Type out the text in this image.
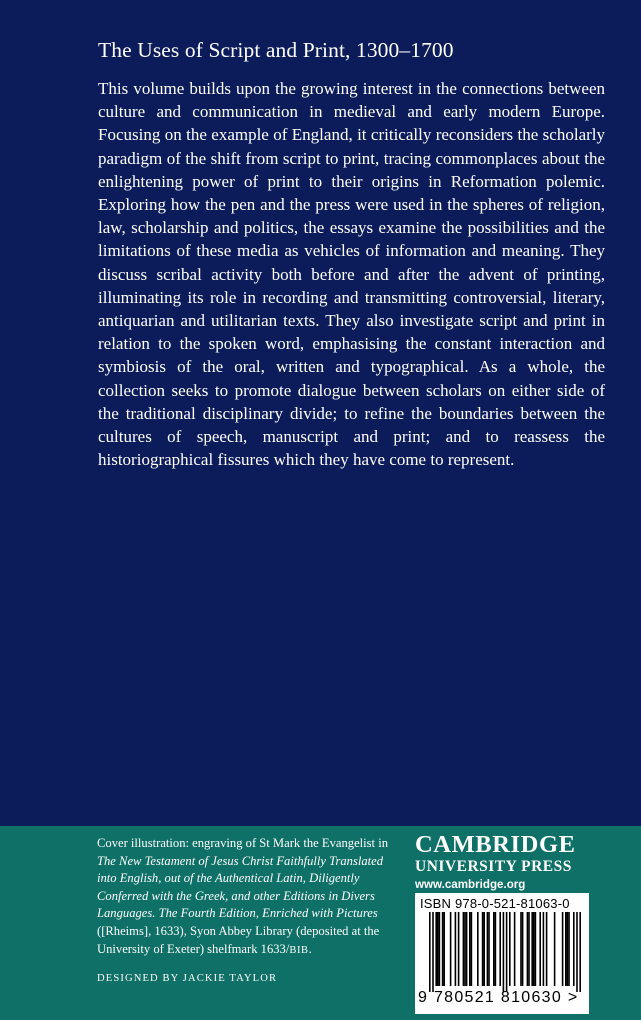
The Uses of Script and Print, 1300–1700

This volume builds upon the growing interest in the connections between culture and communication in medieval and early modern Europe. Focusing on the example of England, it critically reconsiders the scholarly paradigm of the shift from script to print, tracing commonplaces about the enlightening power of print to their origins in Reformation polemic. Exploring how the pen and the press were used in the spheres of religion, law, scholarship and politics, the essays examine the possibilities and the limitations of these media as vehicles of information and meaning. They discuss scribal activity both before and after the advent of printing, illuminating its role in recording and transmitting controversial, literary, antiquarian and utilitarian texts. They also investigate script and print in relation to the spoken word, emphasising the constant interaction and symbiosis of the oral, written and typographical. As a whole, the collection seeks to promote dialogue between scholars on either side of the traditional disciplinary divide; to refine the boundaries between the cultures of speech, manuscript and print; and to reassess the historiographical fissures which they have come to represent.

Cover illustration: engraving of St Mark the Evangelist in The New Testament of Jesus Christ Faithfully Translated into English, out of the Authentical Latin, Diligently Conferred with the Greek, and other Editions in Divers Languages. The Fourth Edition, Enriched with Pictures ([Rheims], 1633), Syon Abbey Library (deposited at the University of Exeter) shelfmark 1633/BIB.

DESIGNED BY JACKIE TAYLOR
CAMBRIDGE
UNIVERSITY PRESS
www.cambridge.org
ISBN 978-0-521-81063-0
9 780521 810630 >
